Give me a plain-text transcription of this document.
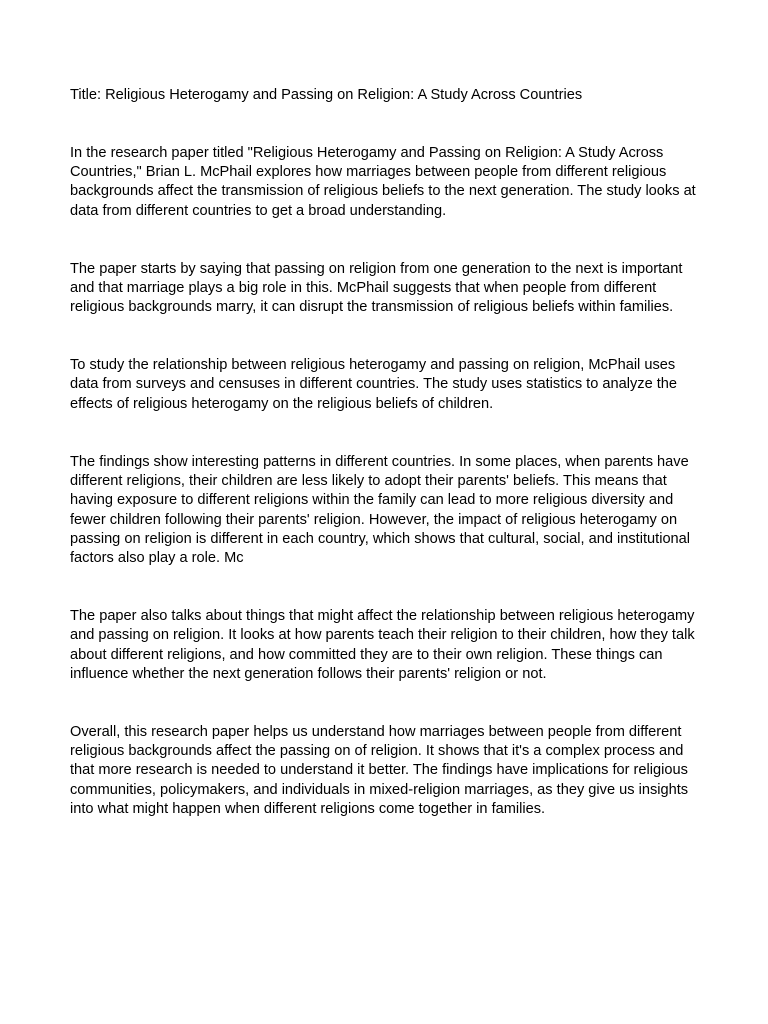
Title: Religious Heterogamy and Passing on Religion: A Study Across Countries

In the research paper titled "Religious Heterogamy and Passing on Religion: A Study Across Countries," Brian L. McPhail explores how marriages between people from different religious backgrounds affect the transmission of religious beliefs to the next generation. The study looks at data from different countries to get a broad understanding.

The paper starts by saying that passing on religion from one generation to the next is important and that marriage plays a big role in this. McPhail suggests that when people from different religious backgrounds marry, it can disrupt the transmission of religious beliefs within families.

To study the relationship between religious heterogamy and passing on religion, McPhail uses data from surveys and censuses in different countries. The study uses statistics to analyze the effects of religious heterogamy on the religious beliefs of children.

The findings show interesting patterns in different countries. In some places, when parents have different religions, their children are less likely to adopt their parents' beliefs. This means that having exposure to different religions within the family can lead to more religious diversity and fewer children following their parents' religion. However, the impact of religious heterogamy on passing on religion is different in each country, which shows that cultural, social, and institutional factors also play a role. Mc

The paper also talks about things that might affect the relationship between religious heterogamy and passing on religion. It looks at how parents teach their religion to their children, how they talk about different religions, and how committed they are to their own religion. These things can influence whether the next generation follows their parents' religion or not.

Overall, this research paper helps us understand how marriages between people from different religious backgrounds affect the passing on of religion. It shows that it's a complex process and that more research is needed to understand it better. The findings have implications for religious communities, policymakers, and individuals in mixed-religion marriages, as they give us insights into what might happen when different religions come together in families.
